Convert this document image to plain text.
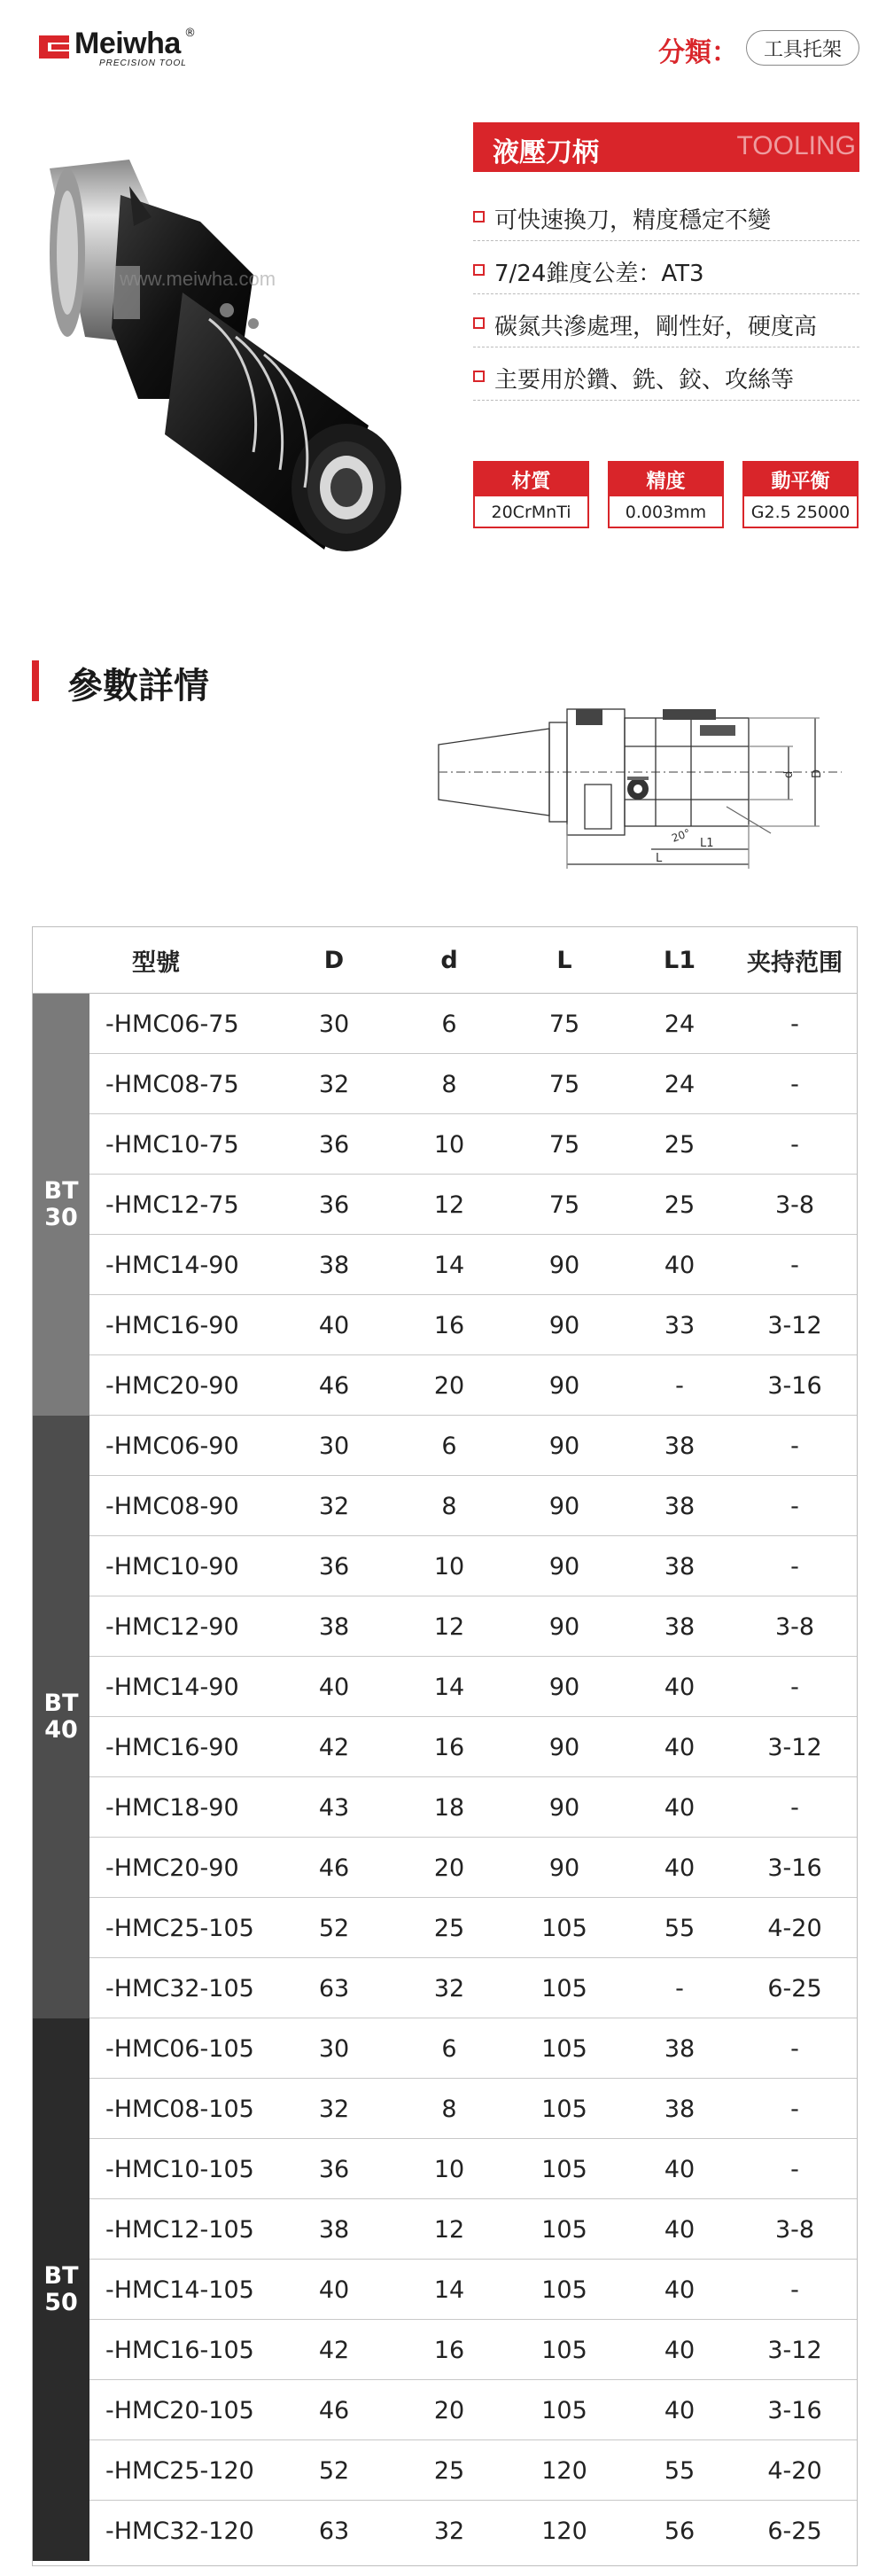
Meiwha ®
PRECISION TOOL	分類：	工具托架
www.meiwha.com
液壓刀柄	TOOLING
可快速換刀，精度穩定不變
7/24錐度公差：AT3
碳氮共滲處理，剛性好，硬度高
主要用於鑽、銑、鉸、攻絲等
材質
20CrMnTi
精度
0.003mm
動平衡
G2.5 25000
參數詳情
d D
L
L1
20°
型號	D	d	L	L1	夹持范围
BT
30
-HMC06-75	30	6	75	24	-
-HMC08-75	32	8	75	24	-
-HMC10-75	36	10	75	25	-
-HMC12-75	36	12	75	25	3-8
-HMC14-90	38	14	90	40	-
-HMC16-90	40	16	90	33	3-12
-HMC20-90	46	20	90	-	3-16
BT
40
-HMC06-90	30	6	90	38	-
-HMC08-90	32	8	90	38	-
-HMC10-90	36	10	90	38	-
-HMC12-90	38	12	90	38	3-8
-HMC14-90	40	14	90	40	-
-HMC16-90	42	16	90	40	3-12
-HMC18-90	43	18	90	40	-
-HMC20-90	46	20	90	40	3-16
-HMC25-105	52	25	105	55	4-20
-HMC32-105	63	32	105	-	6-25
BT
50
-HMC06-105	30	6	105	38	-
-HMC08-105	32	8	105	38	-
-HMC10-105	36	10	105	40	-
-HMC12-105	38	12	105	40	3-8
-HMC14-105	40	14	105	40	-
-HMC16-105	42	16	105	40	3-12
-HMC20-105	46	20	105	40	3-16
-HMC25-120	52	25	120	55	4-20
-HMC32-120	63	32	120	56	6-25
